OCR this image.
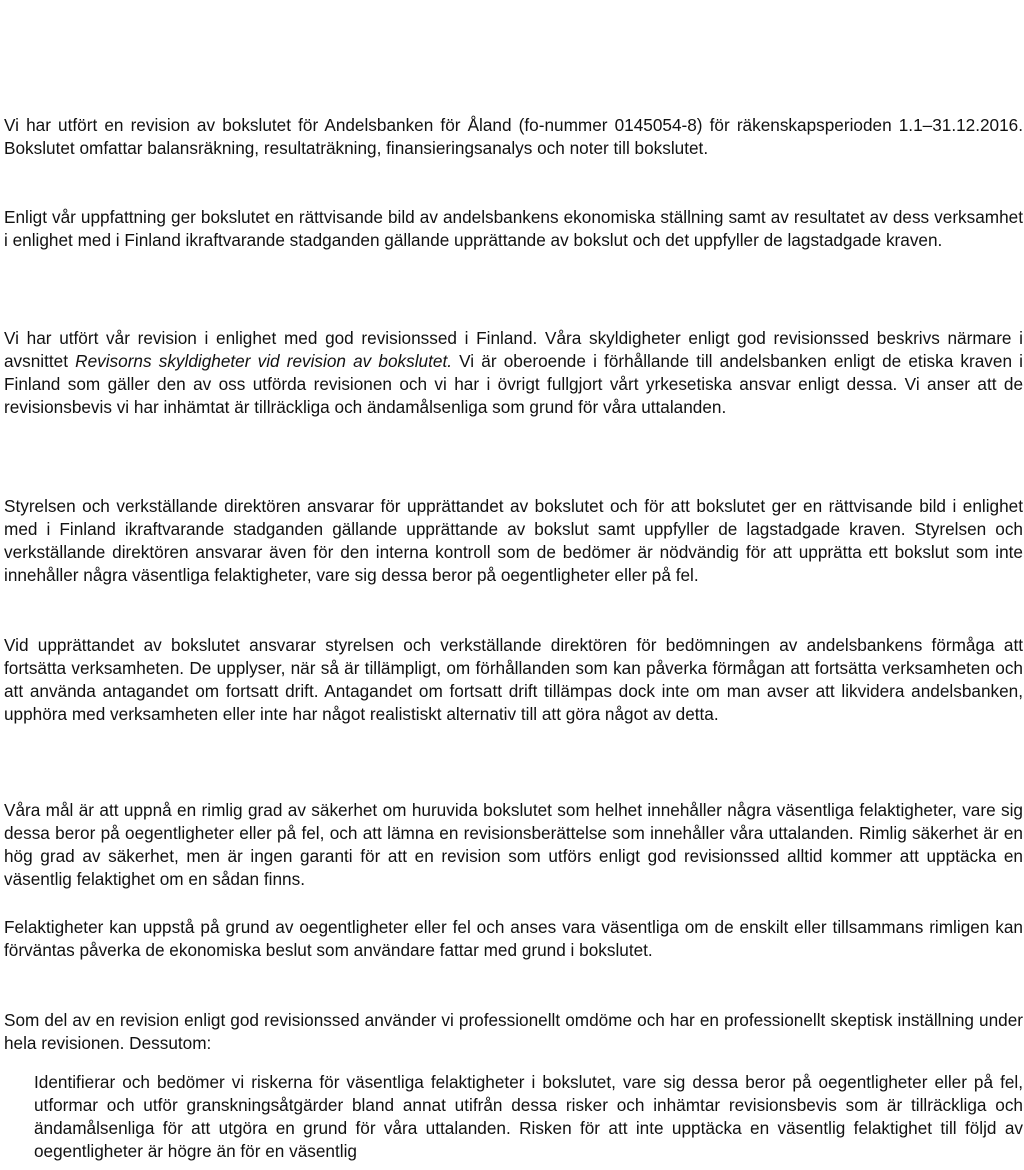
Vi har utfört en revision av bokslutet för Andelsbanken för Åland (fo-nummer 0145054-8) för räkenskapsperioden 1.1–31.12.2016. Bokslutet omfattar balansräkning, resultaträkning, finansieringsanalys och noter till bokslutet.

Enligt vår uppfattning ger bokslutet en rättvisande bild av andelsbankens ekonomiska ställning samt av resultatet av dess verksamhet i enlighet med i Finland ikraftvarande stadganden gällande upprättande av bokslut och det uppfyller de lagstadgade kraven.

Vi har utfört vår revision i enlighet med god revisionssed i Finland. Våra skyldigheter enligt god revisionssed beskrivs närmare i avsnittet Revisorns skyldigheter vid revision av bokslutet. Vi är oberoende i förhållande till andelsbanken enligt de etiska kraven i Finland som gäller den av oss utförda revisionen och vi har i övrigt fullgjort vårt yrkesetiska ansvar enligt dessa. Vi anser att de revisionsbevis vi har inhämtat är tillräckliga och ändamålsenliga som grund för våra uttalanden.

Styrelsen och verkställande direktören ansvarar för upprättandet av bokslutet och för att bokslutet ger en rättvisande bild i enlighet med i Finland ikraftvarande stadganden gällande upprättande av bokslut samt uppfyller de lagstadgade kraven. Styrelsen och verkställande direktören ansvarar även för den interna kontroll som de bedömer är nödvändig för att upprätta ett bokslut som inte innehåller några väsentliga felaktigheter, vare sig dessa beror på oegentligheter eller på fel.

Vid upprättandet av bokslutet ansvarar styrelsen och verkställande direktören för bedömningen av andelsbankens förmåga att fortsätta verksamheten. De upplyser, när så är tillämpligt, om förhållanden som kan påverka förmågan att fortsätta verksamheten och att använda antagandet om fortsatt drift. Antagandet om fortsatt drift tillämpas dock inte om man avser att likvidera andelsbanken, upphöra med verksamheten eller inte har något realistiskt alternativ till att göra något av detta.

Våra mål är att uppnå en rimlig grad av säkerhet om huruvida bokslutet som helhet innehåller några väsentliga felaktigheter, vare sig dessa beror på oegentligheter eller på fel, och att lämna en revisionsberättelse som innehåller våra uttalanden. Rimlig säkerhet är en hög grad av säkerhet, men är ingen garanti för att en revision som utförs enligt god revisionssed alltid kommer att upptäcka en väsentlig felaktighet om en sådan finns.

Felaktigheter kan uppstå på grund av oegentligheter eller fel och anses vara väsentliga om de enskilt eller tillsammans rimligen kan förväntas påverka de ekonomiska beslut som användare fattar med grund i bokslutet.

Som del av en revision enligt god revisionssed använder vi professionellt omdöme och har en professionellt skeptisk inställning under hela revisionen. Dessutom:

Identifierar och bedömer vi riskerna för väsentliga felaktigheter i bokslutet, vare sig dessa beror på oegentligheter eller på fel, utformar och utför granskningsåtgärder bland annat utifrån dessa risker och inhämtar revisionsbevis som är tillräckliga och ändamålsenliga för att utgöra en grund för våra uttalanden. Risken för att inte upptäcka en väsentlig felaktighet till följd av oegentligheter är högre än för en väsentlig
